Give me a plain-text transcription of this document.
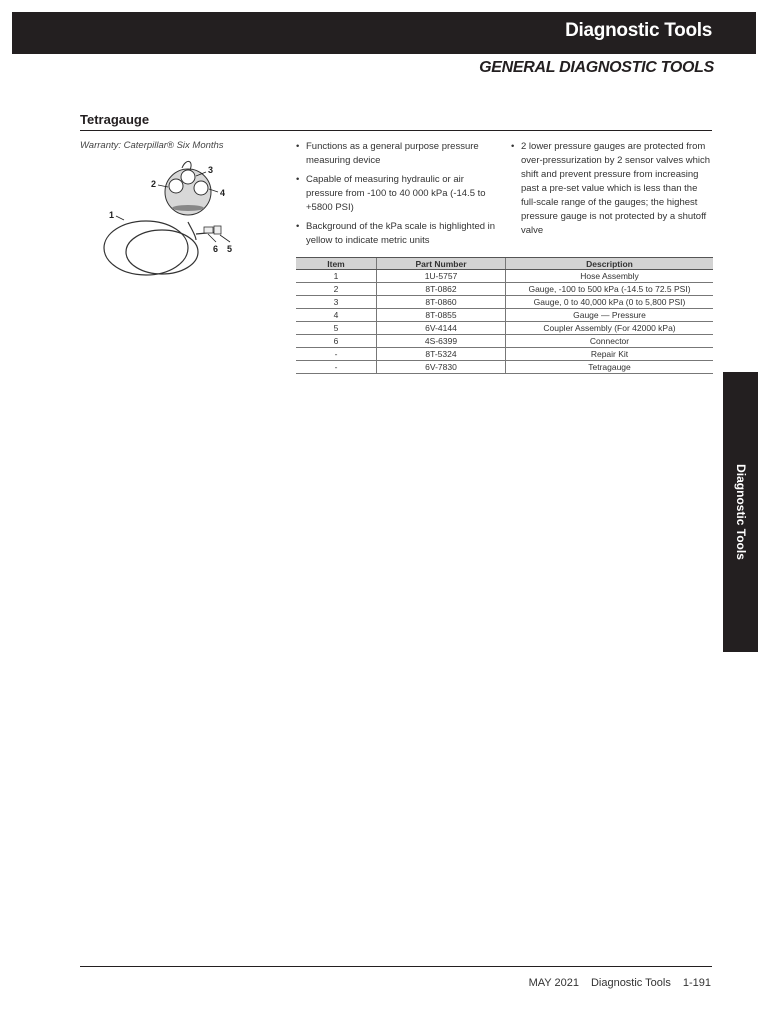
Diagnostic Tools
GENERAL DIAGNOSTIC TOOLS
Tetragauge
Warranty: Caterpillar® Six Months
1
2
3
4
5
6
• Functions as a general purpose pressure measuring device
• Capable of measuring hydraulic or air pressure from -100 to 40 000 kPa (-14.5 to +5800 PSI)
• Background of the kPa scale is highlighted in yellow to indicate metric units
• 2 lower pressure gauges are protected from over-pressurization by 2 sensor valves which shift and prevent pressure from increasing past a pre-set value which is less than the full-scale range of the gauges; the highest pressure gauge is not protected by a shutoff valve
Item	Part Number	Description
1	1U-5757	Hose Assembly
2	8T-0862	Gauge, -100 to 500 kPa (-14.5 to 72.5 PSI)
3	8T-0860	Gauge, 0 to 40,000 kPa (0 to 5,800 PSI)
4	8T-0855	Gauge — Pressure
5	6V-4144	Coupler Assembly (For 42000 kPa)
6	4S-6399	Connector
-	8T-5324	Repair Kit
-	6V-7830	Tetragauge
Diagnostic Tools
MAY 2021 Diagnostic Tools 1-191
